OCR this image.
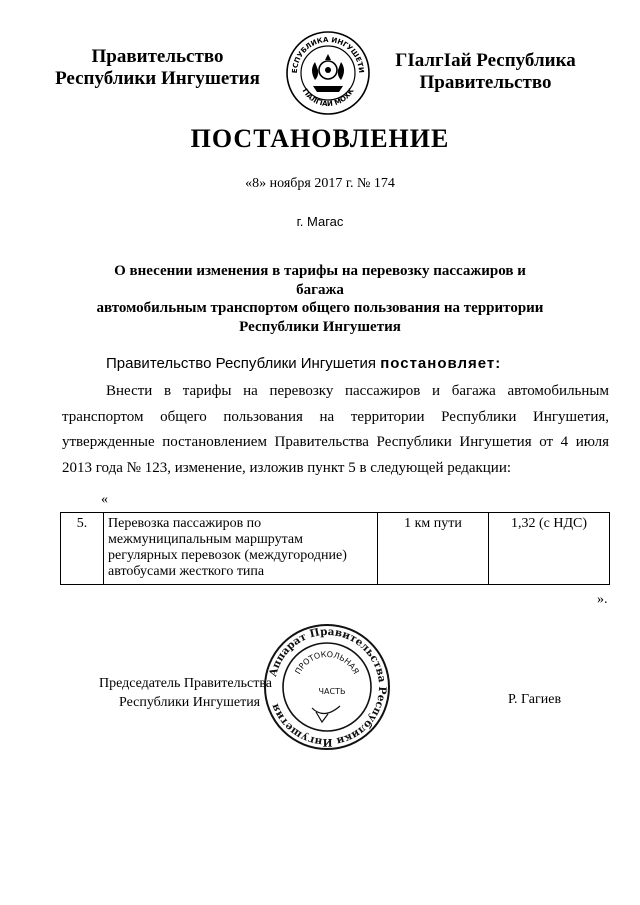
Правительство
Республики Ингушетия	ЕСПУБЛИКА ИНГУШЕТИ
ГIАЛГIАЙ МОХК
ГIалгIай Республика
Правительство
ПОСТАНОВЛЕНИЕ
«8» ноября 2017 г. № 174
г. Магас
О внесении изменения в тарифы на перевозку пассажиров и багажа
автомобильным транспортом общего пользования на территории
Республики Ингушетия
Правительство Республики Ингушетия постановляет:
Внести в тарифы на перевозку пассажиров и багажа автомобильным транспортом общего пользования на территории Республики Ингушетия, утвержденные постановлением Правительства Республики Ингушетия от 4 июля 2013 года № 123, изменение, изложив пункт 5 в следующей редакции:
«
5.	Перевозка пассажиров по межмуниципальным маршрутам регулярных перевозок (междугородние) автобусами жесткого типа	1 км пути	1,32 (с НДС)
».
Председатель Правительства
Республики Ингушетия	Р. Гагиев
Аппарат Правительства Республики Ингушетия
ПРОТОКОЛЬНАЯ
ЧАСТЬ
